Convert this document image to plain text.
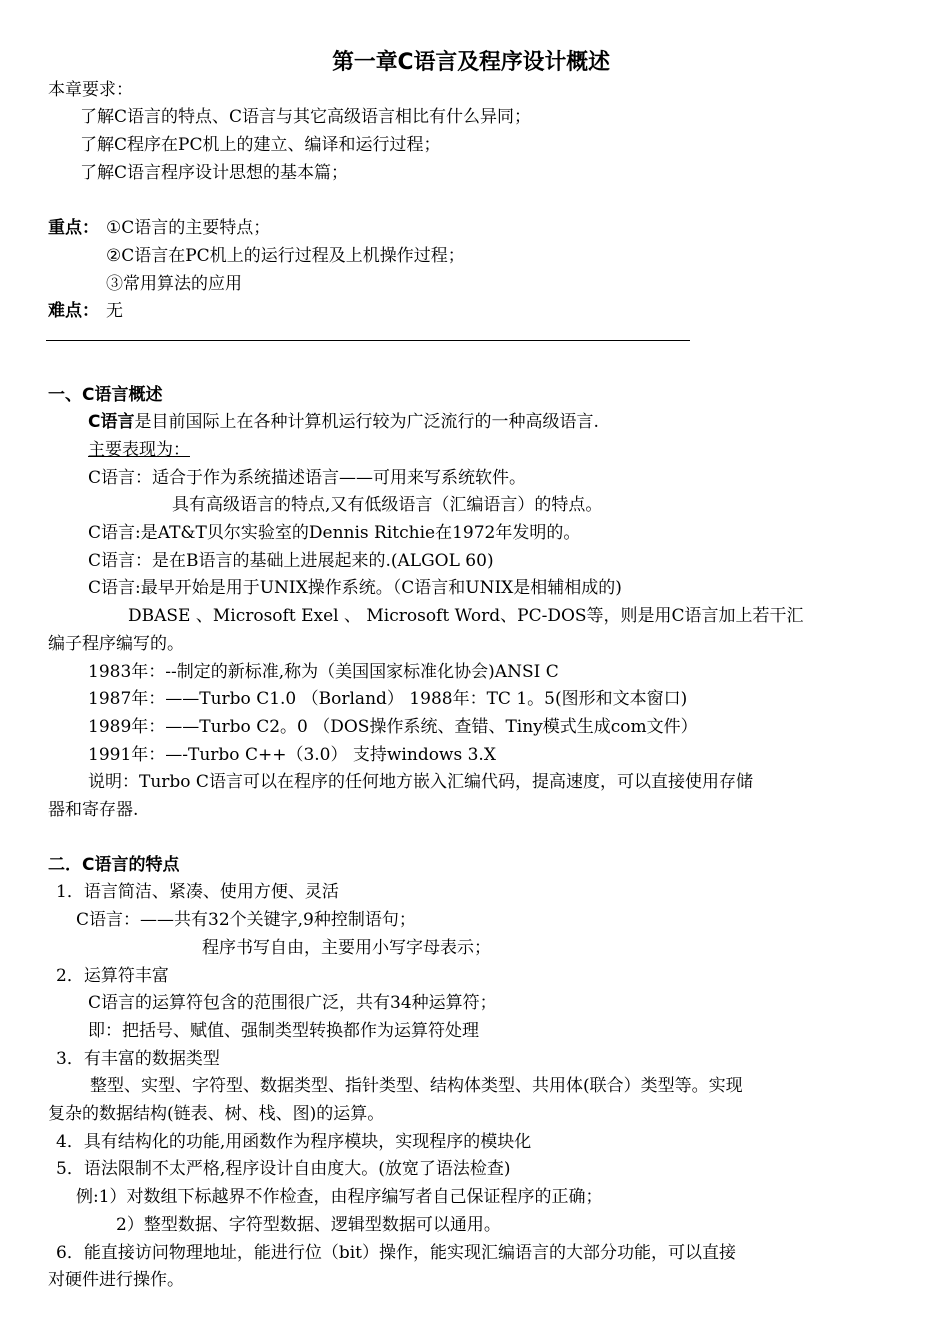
第一章C语言及程序设计概述
本章要求：
了解C语言的特点、C语言与其它高级语言相比有什么异同；
了解C程序在PC机上的建立、编译和运行过程；
了解C语言程序设计思想的基本篇；
重点： ①C语言的主要特点；
②C语言在PC机上的运行过程及上机操作过程；
③常用算法的应用
难点： 无
一、C语言概述
C语言是目前国际上在各种计算机运行较为广泛流行的一种高级语言.
主要表现为：
C语言：适合于作为系统描述语言——可用来写系统软件。
具有高级语言的特点,又有低级语言（汇编语言）的特点。
C语言:是AT&T贝尔实验室的Dennis Ritchie在1972年发明的。
C语言：是在B语言的基础上进展起来的.(ALGOL 60)
C语言:最早开始是用于UNIX操作系统。（C语言和UNIX是相辅相成的)
DBASE 、Microsoft Exel 、 Microsoft Word、PC-DOS等，则是用C语言加上若干汇
编子程序编写的。
1983年：--制定的新标准,称为（美国国家标准化协会)ANSI C
1987年：——Turbo C1.0 （Borland） 1988年：TC 1。5(图形和文本窗口)
1989年：——Turbo C2。0 （DOS操作系统、查错、Tiny模式生成com文件）
1991年：—-Turbo C++（3.0） 支持windows 3.X
说明：Turbo C语言可以在程序的任何地方嵌入汇编代码，提高速度，可以直接使用存储
器和寄存器.
二．C语言的特点
1．语言简洁、紧凑、使用方便、灵活
C语言：——共有32个关键字,9种控制语句；
程序书写自由，主要用小写字母表示；
2．运算符丰富
C语言的运算符包含的范围很广泛，共有34种运算符；
即：把括号、赋值、强制类型转换都作为运算符处理
3．有丰富的数据类型
整型、实型、字符型、数据类型、指针类型、结构体类型、共用体(联合）类型等。实现
复杂的数据结构(链表、树、栈、图)的运算。
4．具有结构化的功能,用函数作为程序模块，实现程序的模块化
5．语法限制不太严格,程序设计自由度大。(放宽了语法检查)
例:1）对数组下标越界不作检查，由程序编写者自己保证程序的正确；
2）整型数据、字符型数据、逻辑型数据可以通用。
6．能直接访问物理地址，能进行位（bit）操作，能实现汇编语言的大部分功能，可以直接
对硬件进行操作。
